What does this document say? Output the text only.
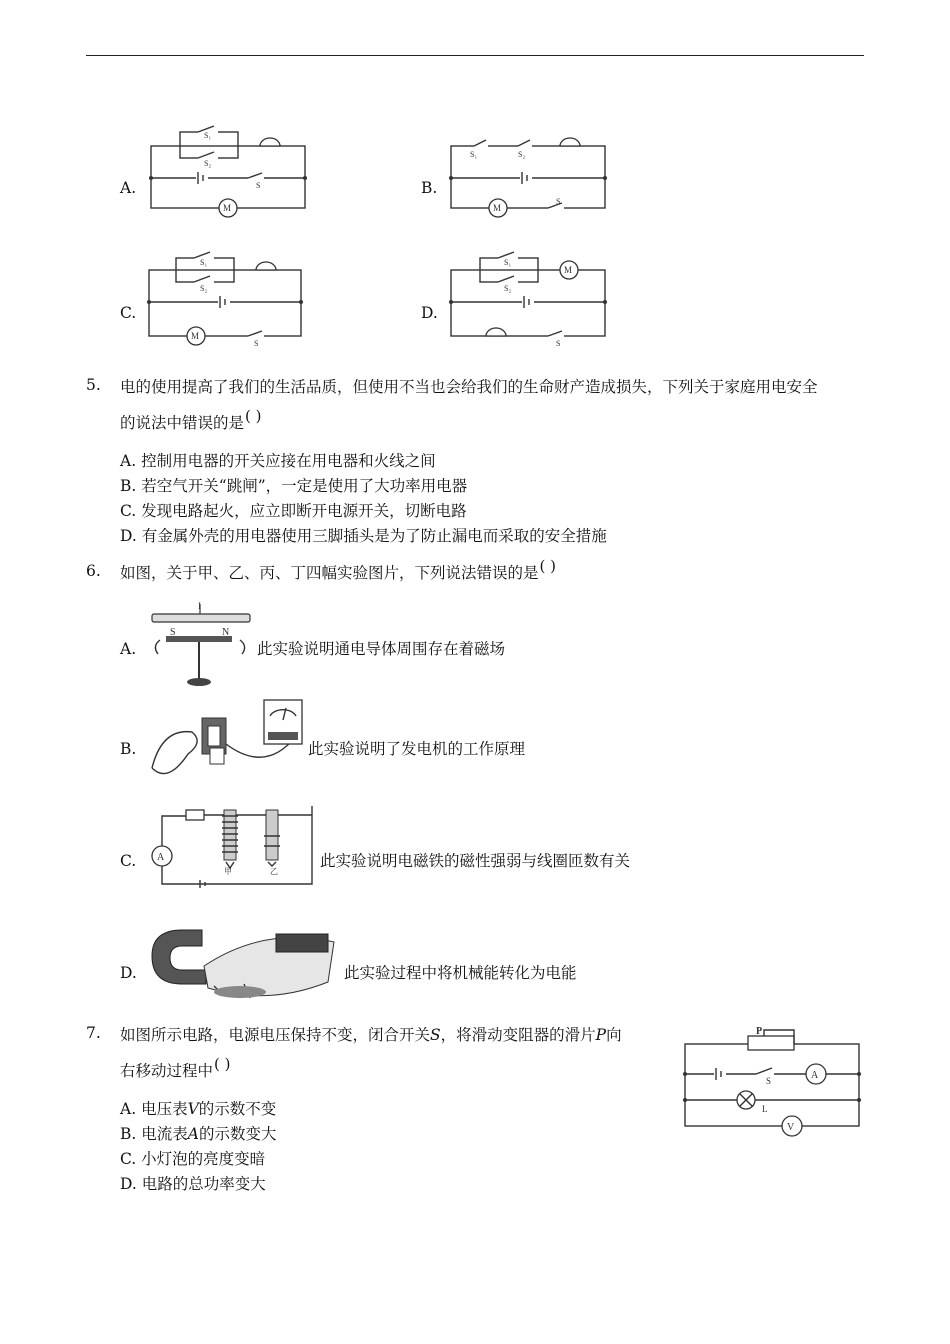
A.
S₁
S₂
S
M
B.
S₁	S₂
M
S
C.
S₁
S₂
M
S
D.
S₁
S₂
M
S
5. 电的使用提高了我们的生活品质，但使用不当也会给我们的生命财产造成损失，下列关于家庭用电安全
的说法中错误的是( )
A. 控制用电器的开关应接在用电器和火线之间
B. 若空气开关“跳闸”，一定是使用了大功率用电器
C. 发现电路起火，应立即断开电源开关，切断电路
D. 有金属外壳的用电器使用三脚插头是为了防止漏电而采取的安全措施
6. 如图，关于甲、乙、丙、丁四幅实验图片，下列说法错误的是( )
A.
I
S	N
此实验说明通电导体周围存在着磁场
B.	此实验说明了发电机的工作原理
C. A
甲	乙
此实验说明电磁铁的磁性强弱与线圈匝数有关
D.	此实验过程中将机械能转化为电能
7. 如图所示电路，电源电压保持不变，闭合开关S，将滑动变阻器的滑片P向
右移动过程中( )
A. 电压表V的示数不变
B. 电流表A的示数变大
C. 小灯泡的亮度变暗
D. 电路的总功率变大
P
S	A
L
V
